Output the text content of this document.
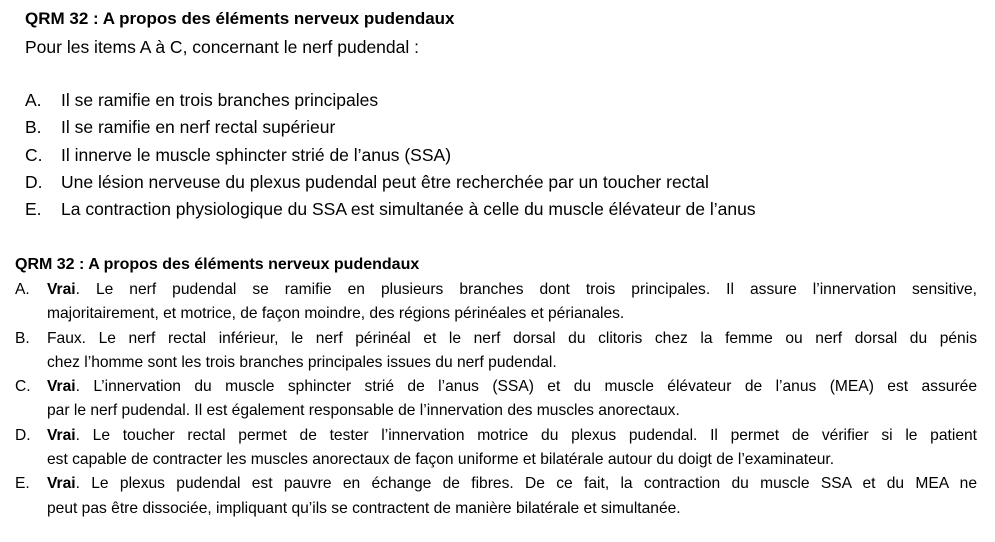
QRM 32 : A propos des éléments nerveux pudendaux
Pour les items A à C, concernant le nerf pudendal :
A. Il se ramifie en trois branches principales
B. Il se ramifie en nerf rectal supérieur
C. Il innerve le muscle sphincter strié de l’anus (SSA)
D. Une lésion nerveuse du plexus pudendal peut être recherchée par un toucher rectal
E. La contraction physiologique du SSA est simultanée à celle du muscle élévateur de l’anus
QRM 32 : A propos des éléments nerveux pudendaux
A. Vrai. Le nerf pudendal se ramifie en plusieurs branches dont trois principales. Il assure l’innervation sensitive,
majoritairement, et motrice, de façon moindre, des régions périnéales et périanales.
B. Faux. Le nerf rectal inférieur, le nerf périnéal et le nerf dorsal du clitoris chez la femme ou nerf dorsal du pénis
chez l’homme sont les trois branches principales issues du nerf pudendal.
C. Vrai. L’innervation du muscle sphincter strié de l’anus (SSA) et du muscle élévateur de l’anus (MEA) est assurée
par le nerf pudendal. Il est également responsable de l’innervation des muscles anorectaux.
D. Vrai. Le toucher rectal permet de tester l’innervation motrice du plexus pudendal. Il permet de vérifier si le patient
est capable de contracter les muscles anorectaux de façon uniforme et bilatérale autour du doigt de l’examinateur.
E. Vrai. Le plexus pudendal est pauvre en échange de fibres. De ce fait, la contraction du muscle SSA et du MEA ne
peut pas être dissociée, impliquant qu’ils se contractent de manière bilatérale et simultanée.
